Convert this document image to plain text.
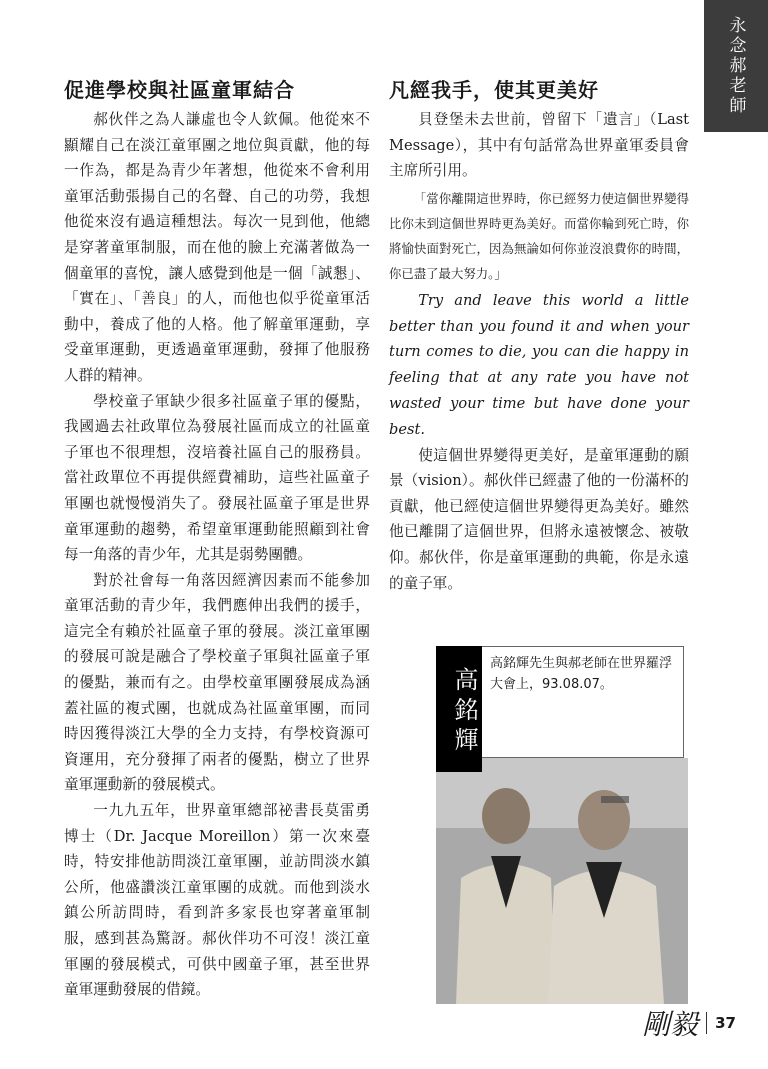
永念郝老師
促進學校與社區童軍結合

郝伙伴之為人謙虛也令人欽佩。他從來不顯耀自己在淡江童軍團之地位與貢獻，他的每一作為，都是為青少年著想，他從來不會利用童軍活動張揚自己的名聲、自己的功勞，我想他從來沒有過這種想法。每次一見到他，他總是穿著童軍制服，而在他的臉上充滿著做為一個童軍的喜悅，讓人感覺到他是一個「誠懇」、「實在」、「善良」的人，而他也似乎從童軍活動中，養成了他的人格。他了解童軍運動，享受童軍運動，更透過童軍運動，發揮了他服務人群的精神。

學校童子軍缺少很多社區童子軍的優點，我國過去社政單位為發展社區而成立的社區童子軍也不很理想，沒培養社區自己的服務員。當社政單位不再提供經費補助，這些社區童子軍團也就慢慢消失了。發展社區童子軍是世界童軍運動的趨勢，希望童軍運動能照顧到社會每一角落的青少年，尤其是弱勢團體。

對於社會每一角落因經濟因素而不能參加童軍活動的青少年，我們應伸出我們的援手，這完全有賴於社區童子軍的發展。淡江童軍團的發展可說是融合了學校童子軍與社區童子軍的優點，兼而有之。由學校童軍團發展成為涵蓋社區的複式團，也就成為社區童軍團，而同時因獲得淡江大學的全力支持，有學校資源可資運用，充分發揮了兩者的優點，樹立了世界童軍運動新的發展模式。

一九九五年，世界童軍總部祕書長莫雷勇博士（Dr. Jacque Moreillon）第一次來臺時，特安排他訪問淡江童軍團，並訪問淡水鎮公所，他盛讚淡江童軍團的成就。而他到淡水鎮公所訪問時，看到許多家長也穿著童軍制服，感到甚為驚訝。郝伙伴功不可沒！淡江童軍團的發展模式，可供中國童子軍，甚至世界童軍運動發展的借鏡。

凡經我手，使其更美好

貝登堡未去世前，曾留下「遺言」（Last Message），其中有句話常為世界童軍委員會主席所引用。

「當你離開這世界時，你已經努力使這個世界變得比你未到這個世界時更為美好。而當你輪到死亡時，你將愉快面對死亡，因為無論如何你並沒浪費你的時間，你已盡了最大努力。」

Try and leave this world a little better than you found it and when your turn comes to die, you can die happy in feeling that at any rate you have not wasted your time but have done your best.

使這個世界變得更美好，是童軍運動的願景（vision）。郝伙伴已經盡了他的一份滿杯的貢獻，他已經使這個世界變得更為美好。雖然他已離開了這個世界，但將永遠被懷念、被敬仰。郝伙伴，你是童軍運動的典範，你是永遠的童子軍。

高銘輝
高銘輝先生與郝老師在世界羅浮大會上，93.08.07。
剛毅 37
